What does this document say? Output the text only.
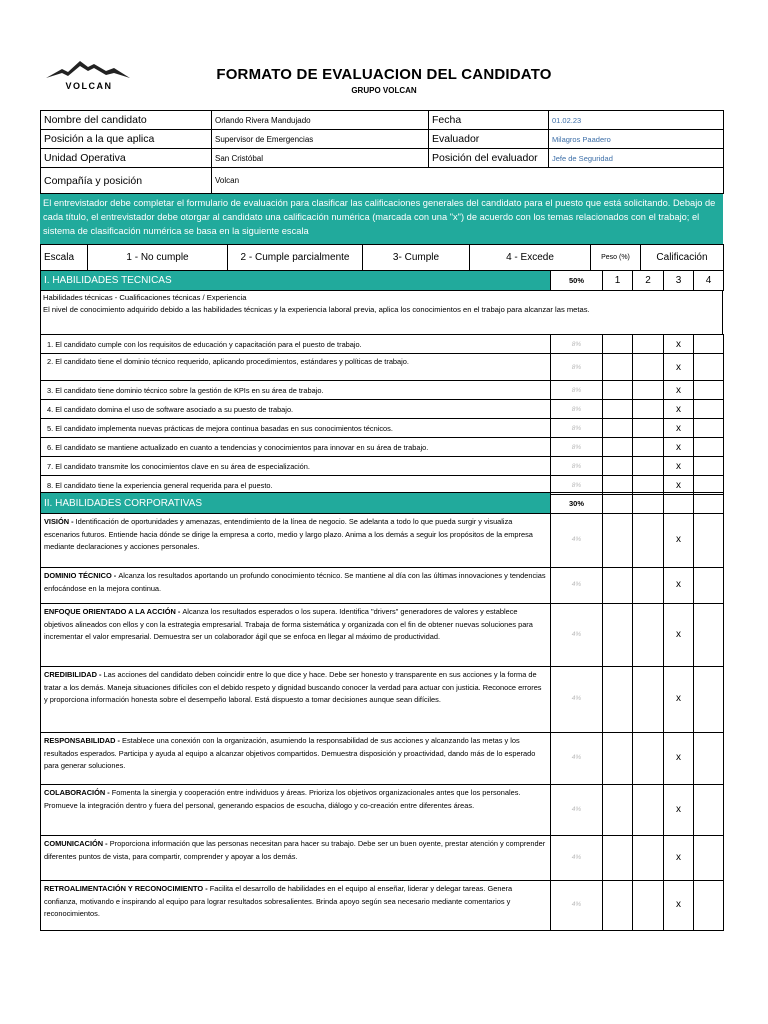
VOLCAN
FORMATO DE EVALUACION DEL CANDIDATO
GRUPO VOLCAN
Nombre del candidato	Orlando Rivera Mandujado	Fecha	01.02.23
Posición a la que aplica	Supervisor de Emergencias	Evaluador	Milagros Paadero
Unidad Operativa	San Cristóbal	Posición del evaluador	Jefe de Seguridad
Compañía y posición	Volcan		
El entrevistador debe completar el formulario de evaluación para clasificar las calificaciones generales del candidato para el puesto que está solicitando. Debajo de cada título, el entrevistador debe otorgar al candidato una calificación numérica (marcada con una "x") de acuerdo con los temas relacionados con el trabajo; el sistema de clasificación numérica se basa en la siguiente escala
Escala	1 - No cumple	2 - Cumple parcialmente	3- Cumple	4 - Excede	Peso (%)	Calificación
I. HABILIDADES TECNICAS	50%	1	2	3	4
Habilidades técnicas - Cualificaciones técnicas / Experiencia
El nivel de conocimiento adquirido debido a las habilidades técnicas y la experiencia laboral previa, aplica los conocimientos en el trabajo para alcanzar las metas.
1. El candidato cumple con los requisitos de educación y capacitación para el puesto de trabajo.	8%			x	
2. El candidato tiene el dominio técnico requerido, aplicando procedimientos, estándares y políticas de trabajo.	8%			x	
3. El candidato tiene dominio técnico sobre la gestión de KPIs en su área de trabajo.	8%			x	
4. El candidato domina el uso de software asociado a su puesto de trabajo.	8%			x	
5. El candidato implementa nuevas prácticas de mejora continua basadas en sus conocimientos técnicos.	8%			x	
6. El candidato se mantiene actualizado en cuanto a tendencias y conocimientos para innovar en su área de trabajo.	8%			x	
7. El candidato transmite los conocimientos clave en su área de especialización.	8%			x	
8. El candidato tiene la experiencia general requerida para el puesto.	8%			x	
II. HABILIDADES CORPORATIVAS	30%				
VISIÓN - Identificación de oportunidades y amenazas, entendimiento de la línea de negocio. Se adelanta a todo lo que pueda surgir y visualiza escenarios futuros. Entiende hacia dónde se dirige la empresa a corto, medio y largo plazo. Anima a los demás a seguir los propósitos de la empresa mediante declaraciones y acciones personales.	4%			x	
DOMINIO TÉCNICO - Alcanza los resultados aportando un profundo conocimiento técnico. Se mantiene al día con las últimas innovaciones y tendencias enfocándose en la mejora continua.	4%			x	
ENFOQUE ORIENTADO A LA ACCIÓN - Alcanza los resultados esperados o los supera. Identifica "drivers" generadores de valores y establece objetivos alineados con ellos y con la estrategia empresarial. Trabaja de forma sistemática y organizada con el fin de obtener nuevas soluciones para incrementar el valor empresarial. Demuestra ser un colaborador ágil que se enfoca en llegar al máximo de productividad.	4%			x	
CREDIBILIDAD - Las acciones del candidato deben coincidir entre lo que dice y hace. Debe ser honesto y transparente en sus acciones y la forma de tratar a los demás. Maneja situaciones difíciles con el debido respeto y dignidad buscando conocer la verdad para actuar con justicia. Reconoce errores y proporciona información honesta sobre el desempeño laboral. Está dispuesto a tomar decisiones aunque sean difíciles.	4%			x	
RESPONSABILIDAD - Establece una conexión con la organización, asumiendo la responsabilidad de sus acciones y alcanzando las metas y los resultados esperados. Participa y ayuda al equipo a alcanzar objetivos compartidos. Demuestra disposición y proactividad, dando más de lo esperado para generar soluciones.	4%			x	
COLABORACIÓN - Fomenta la sinergia y cooperación entre individuos y áreas. Prioriza los objetivos organizacionales antes que los personales. Promueve la integración dentro y fuera del personal, generando espacios de escucha, diálogo y co-creación entre diferentes áreas.	4%			x	
COMUNICACIÓN - Proporciona información que las personas necesitan para hacer su trabajo. Debe ser un buen oyente, prestar atención y comprender diferentes puntos de vista, para compartir, comprender y apoyar a los demás.	4%			x	
RETROALIMENTACIÓN Y RECONOCIMIENTO - Facilita el desarrollo de habilidades en el equipo al enseñar, liderar y delegar tareas. Genera confianza, motivando e inspirando al equipo para lograr resultados sobresalientes. Brinda apoyo según sea necesario mediante comentarios y reconocimientos.	4%			x	
